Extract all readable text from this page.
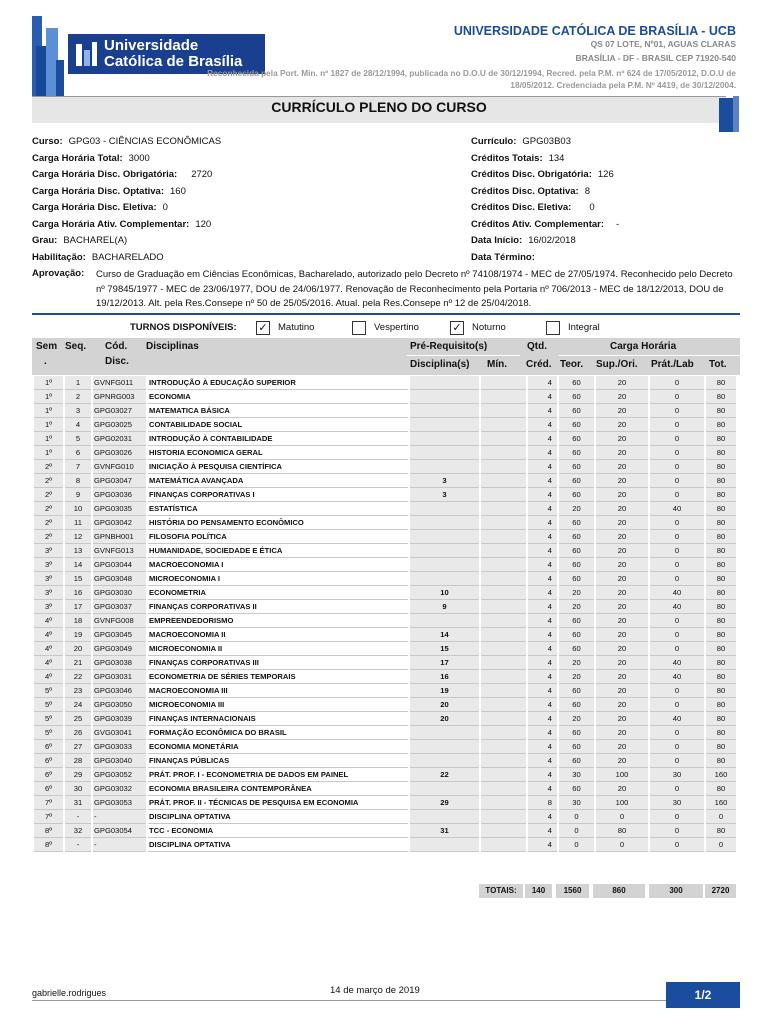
Universidade
Católica de Brasília
UNIVERSIDADE CATÓLICA DE BRASÍLIA - UCB
QS 07 LOTE, Nº01, AGUAS CLARAS
BRASÍLIA - DF - BRASIL CEP 71920-540
Reconhecida pela Port. Min. nº 1827 de 28/12/1994, publicada no D.O.U de 30/12/1994, Recred. pela P.M. nº 624 de 17/05/2012, D.O.U de 18/05/2012. Credenciada pela P.M. Nº 4419, de 30/12/2004.
CURRÍCULO PLENO DO CURSO
Curso: GPG03 - CIÊNCIAS ECONÔMICAS
Carga Horária Total: 3000
Carga Horária Disc. Obrigatória: 2720
Carga Horária Disc. Optativa: 160
Carga Horária Disc. Eletiva: 0
Carga Horária Ativ. Complementar: 120
Grau: BACHAREL(A)
Habilitação: BACHARELADO
Currículo: GPG03B03
Créditos Totais: 134
Créditos Disc. Obrigatória: 126
Créditos Disc. Optativa: 8
Créditos Disc. Eletiva: 0
Créditos Ativ. Complementar: -
Data Início: 16/02/2018
Data Término:
Aprovação: Curso de Graduação em Ciências Econômicas, Bacharelado, autorizado pelo Decreto nº 74108/1974 - MEC de 27/05/1974. Reconhecido pelo Decreto nº 79845/1977 - MEC de 23/06/1977, DOU de 24/06/1977. Renovação de Reconhecimento pela Portaria nº 706/2013 - MEC de 18/12/2013, DOU de 19/12/2013. Alt. pela Res.Consepe nº 50 de 25/05/2016. Atual. pela Res.Consepe nº 12 de 25/04/2018.
TURNOS DISPONÍVEIS: ✓ Matutino	Vespertino	✓ Noturno	Integral
Sem
.
Seq. Cód.
Disc.
Disciplinas	Pré-Requisito(s)
Disciplina(s) Mín.
Qtd.
Créd.
Carga Horária
Teor. Sup./Ori. Prát./Lab Tot.
1º	1	GVNFG011	INTRODUÇÃO À EDUCAÇÃO SUPERIOR			4	60	20	0	80
1º	2	GPNRG003	ECONOMIA			4	60	20	0	80
1º	3	GPG03027	MATEMATICA BÁSICA			4	60	20	0	80
1º	4	GPG03025	CONTABILIDADE SOCIAL			4	60	20	0	80
1º	5	GPG02031	INTRODUÇÃO À CONTABILIDADE			4	60	20	0	80
1º	6	GPG03026	HISTORIA ECONOMICA GERAL			4	60	20	0	80
2º	7	GVNFG010	INICIAÇÃO À PESQUISA CIENTÍFICA			4	60	20	0	80
2º	8	GPG03047	MATEMÁTICA AVANÇADA	3		4	60	20	0	80
2º	9	GPG03036	FINANÇAS CORPORATIVAS I	3		4	60	20	0	80
2º	10	GPG03035	ESTATÍSTICA			4	20	20	40	80
2º	11	GPG03042	HISTÓRIA DO PENSAMENTO ECONÔMICO			4	60	20	0	80
2º	12	GPNBH001	FILOSOFIA POLÍTICA			4	60	20	0	80
3º	13	GVNFG013	HUMANIDADE, SOCIEDADE E ÉTICA			4	60	20	0	80
3º	14	GPG03044	MACROECONOMIA I			4	60	20	0	80
3º	15	GPG03048	MICROECONOMIA I			4	60	20	0	80
3º	16	GPG03030	ECONOMETRIA	10		4	20	20	40	80
3º	17	GPG03037	FINANÇAS CORPORATIVAS II	9		4	20	20	40	80
4º	18	GVNFG008	EMPREENDEDORISMO			4	60	20	0	80
4º	19	GPG03045	MACROECONOMIA II	14		4	60	20	0	80
4º	20	GPG03049	MICROECONOMIA II	15		4	60	20	0	80
4º	21	GPG03038	FINANÇAS CORPORATIVAS III	17		4	20	20	40	80
4º	22	GPG03031	ECONOMETRIA DE SÉRIES TEMPORAIS	16		4	20	20	40	80
5º	23	GPG03046	MACROECONOMIA III	19		4	60	20	0	80
5º	24	GPG03050	MICROECONOMIA III	20		4	60	20	0	80
5º	25	GPG03039	FINANÇAS INTERNACIONAIS	20		4	20	20	40	80
5º	26	GVG03041	FORMAÇÃO ECONÔMICA DO BRASIL			4	60	20	0	80
6º	27	GPG03033	ECONOMIA MONETÁRIA			4	60	20	0	80
6º	28	GPG03040	FINANÇAS PÚBLICAS			4	60	20	0	80
6º	29	GPG03052	PRÁT. PROF. I - ECONOMETRIA DE DADOS EM PAINEL	22		4	30	100	30	160
6º	30	GPG03032	ECONOMIA BRASILEIRA CONTEMPORÂNEA			4	60	20	0	80
7º	31	GPG03053	PRÁT. PROF. II - TÉCNICAS DE PESQUISA EM ECONOMIA	29		8	30	100	30	160
7º	-	-	DISCIPLINA OPTATIVA			4	0	0	0	0
8º	32	GPG03054	TCC - ECONOMIA	31		4	0	80	0	80
8º	-	-	DISCIPLINA OPTATIVA			4	0	0	0	0
TOTAIS:	140	1560	860	300	2720
gabrielle.rodrigues	14 de março de 2019	1/2
